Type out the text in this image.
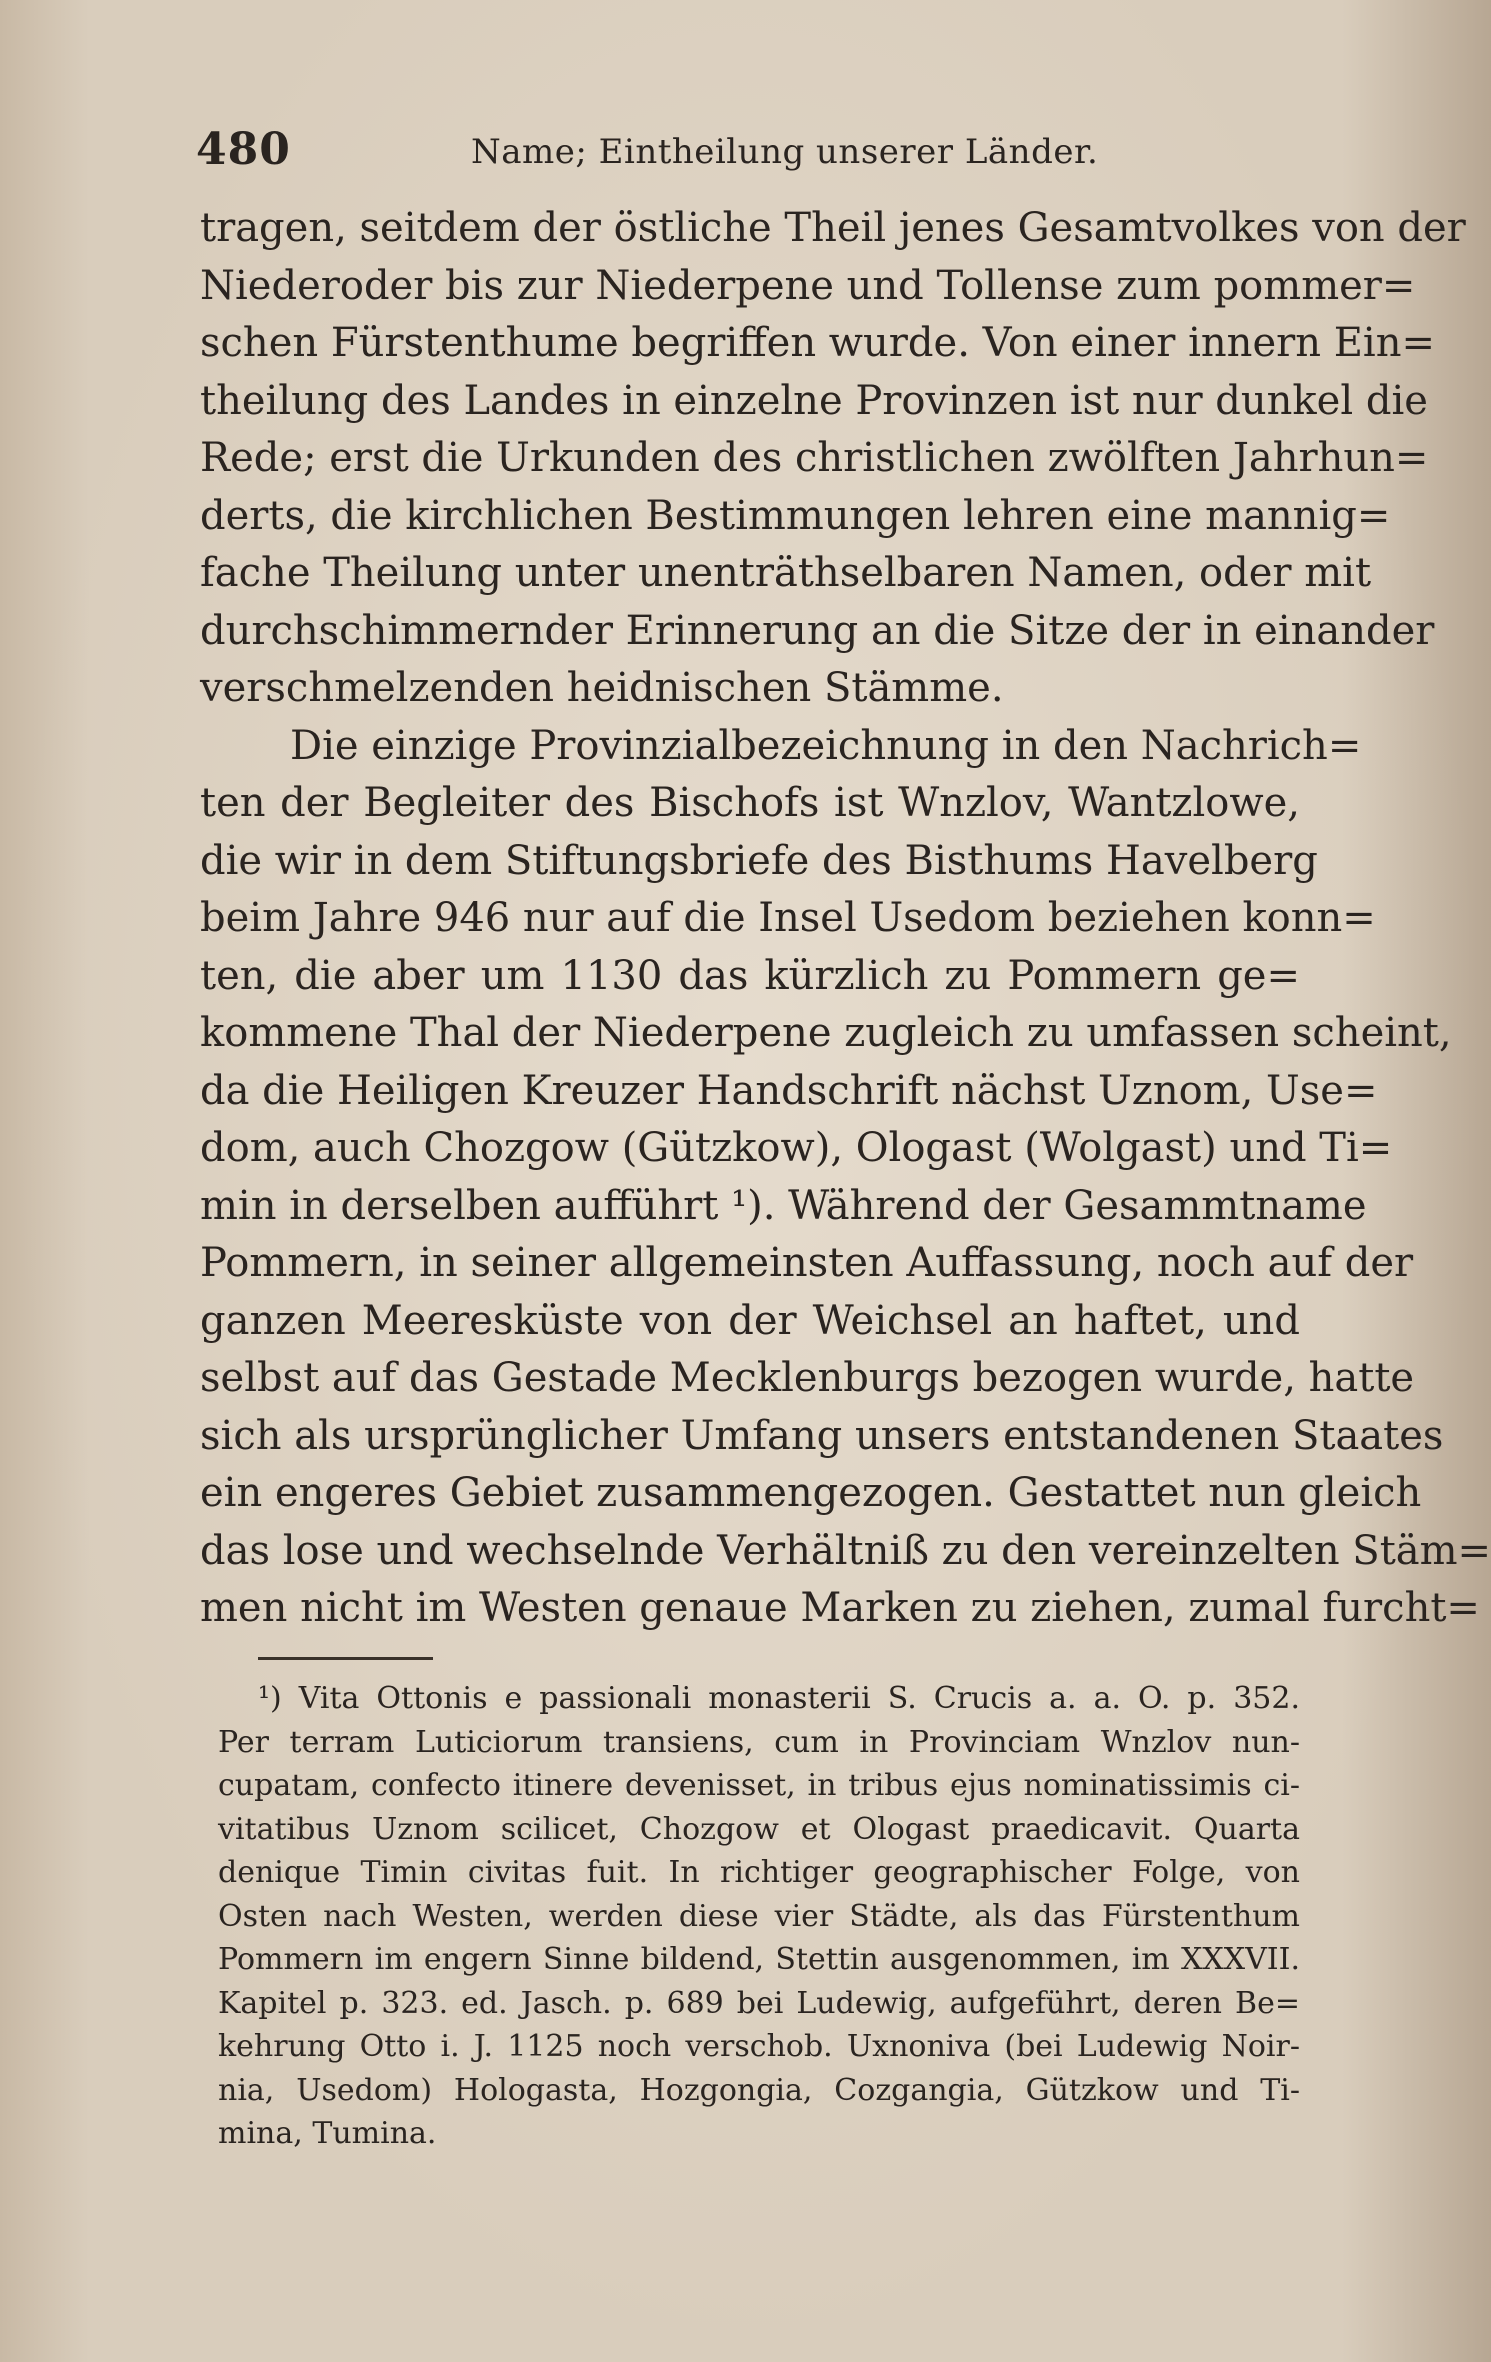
480	Name; Eintheilung unserer Länder.
tragen, seitdem der östliche Theil jenes Gesamtvolkes von der
Niederoder bis zur Niederpene und Tollense zum pommer=
schen Fürstenthume begriffen wurde. Von einer innern Ein=
theilung des Landes in einzelne Provinzen ist nur dunkel die
Rede; erst die Urkunden des christlichen zwölften Jahrhun=
derts, die kirchlichen Bestimmungen lehren eine mannig=
fache Theilung unter unenträthselbaren Namen, oder mit
durchschimmernder Erinnerung an die Sitze der in einander
verschmelzenden heidnischen Stämme.
Die einzige Provinzialbezeichnung in den Nachrich=
ten der Begleiter des Bischofs ist Wnzlov, Wantzlowe,
die wir in dem Stiftungsbriefe des Bisthums Havelberg
beim Jahre 946 nur auf die Insel Usedom beziehen konn=
ten, die aber um 1130 das kürzlich zu Pommern ge=
kommene Thal der Niederpene zugleich zu umfassen scheint,
da die Heiligen Kreuzer Handschrift nächst Uznom, Use=
dom, auch Chozgow (Gützkow), Ologast (Wolgast) und Ti=
min in derselben aufführt ¹). Während der Gesammtname
Pommern, in seiner allgemeinsten Auffassung, noch auf der
ganzen Meeresküste von der Weichsel an haftet, und
selbst auf das Gestade Mecklenburgs bezogen wurde, hatte
sich als ursprünglicher Umfang unsers entstandenen Staates
ein engeres Gebiet zusammengezogen. Gestattet nun gleich
das lose und wechselnde Verhältniß zu den vereinzelten Stäm=
men nicht im Westen genaue Marken zu ziehen, zumal furcht=
¹) Vita Ottonis e passionali monasterii S. Crucis a. a. O. p. 352.
Per terram Luticiorum transiens, cum in Provinciam Wnzlov nun-
cupatam, confecto itinere devenisset, in tribus ejus nominatissimis ci-
vitatibus Uznom scilicet, Chozgow et Ologast praedicavit. Quarta
denique Timin civitas fuit. In richtiger geographischer Folge, von
Osten nach Westen, werden diese vier Städte, als das Fürstenthum
Pommern im engern Sinne bildend, Stettin ausgenommen, im XXXVII.
Kapitel p. 323. ed. Jasch. p. 689 bei Ludewig, aufgeführt, deren Be=
kehrung Otto i. J. 1125 noch verschob. Uxnoniva (bei Ludewig Noir-
nia, Usedom) Hologasta, Hozgongia, Cozgangia, Gützkow und Ti-
mina, Tumina.
